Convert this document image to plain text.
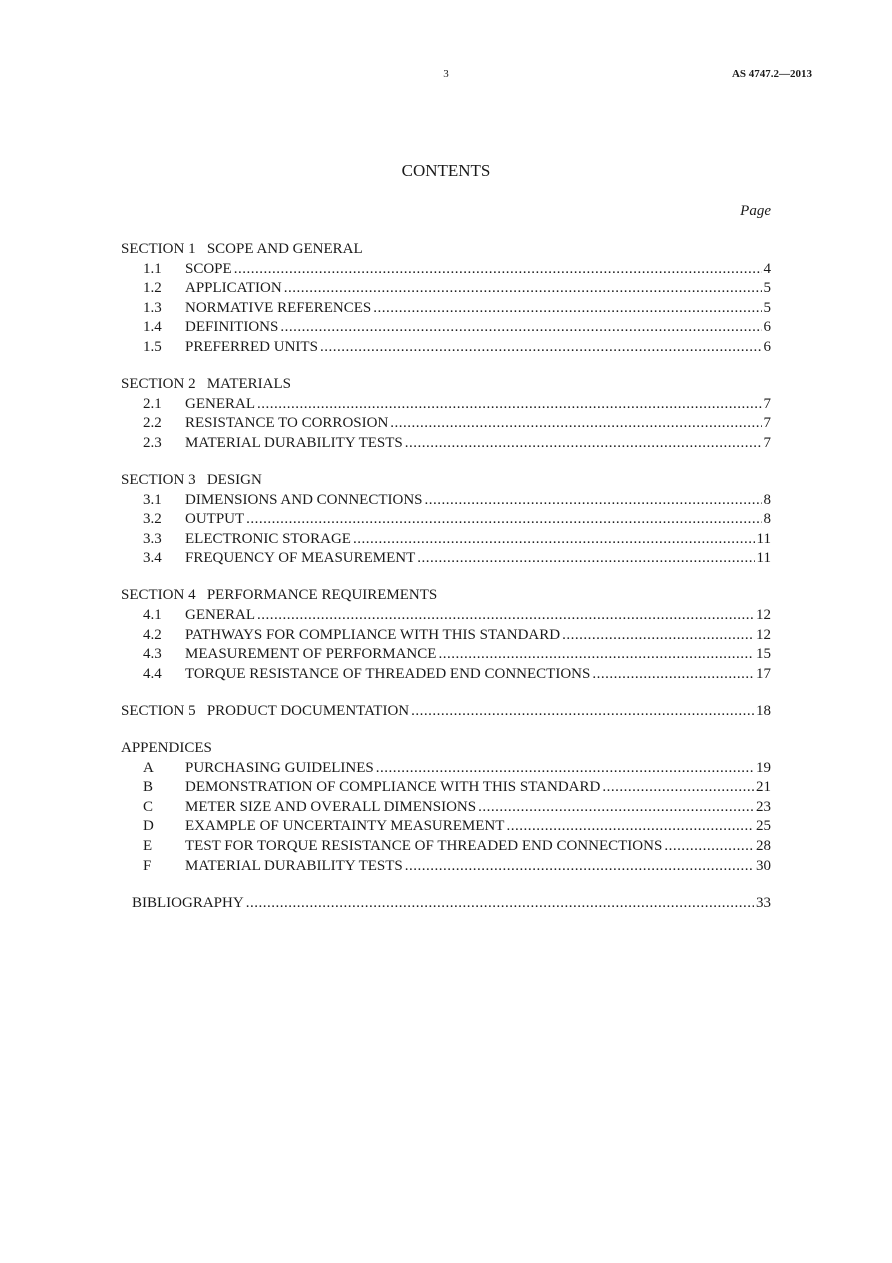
3	AS 4747.2—2013
CONTENTS
Page
SECTION 1   SCOPE AND GENERAL
1.1	SCOPE .....	4
1.2	APPLICATION .....	5
1.3	NORMATIVE REFERENCES .....	5
1.4	DEFINITIONS .....	6
1.5	PREFERRED UNITS .....	6
SECTION 2   MATERIALS
2.1	GENERAL .....	7
2.2	RESISTANCE TO CORROSION .....	7
2.3	MATERIAL DURABILITY TESTS .....	7
SECTION 3   DESIGN
3.1	DIMENSIONS AND CONNECTIONS .....	8
3.2	OUTPUT .....	8
3.3	ELECTRONIC STORAGE .....	11
3.4	FREQUENCY OF MEASUREMENT .....	11
SECTION 4   PERFORMANCE REQUIREMENTS
4.1	GENERAL .....	12
4.2	PATHWAYS FOR COMPLIANCE WITH THIS STANDARD .....	12
4.3	MEASUREMENT OF PERFORMANCE .....	15
4.4	TORQUE RESISTANCE OF THREADED END CONNECTIONS .....	17
SECTION 5   PRODUCT DOCUMENTATION .....	18
APPENDICES
A	PURCHASING GUIDELINES .....	19
B	DEMONSTRATION OF COMPLIANCE WITH THIS STANDARD .....	21
C	METER SIZE AND OVERALL DIMENSIONS .....	23
D	EXAMPLE OF UNCERTAINTY MEASUREMENT .....	25
E	TEST FOR TORQUE RESISTANCE OF THREADED END CONNECTIONS .....	28
F	MATERIAL DURABILITY TESTS .....	30
BIBLIOGRAPHY .....	33
